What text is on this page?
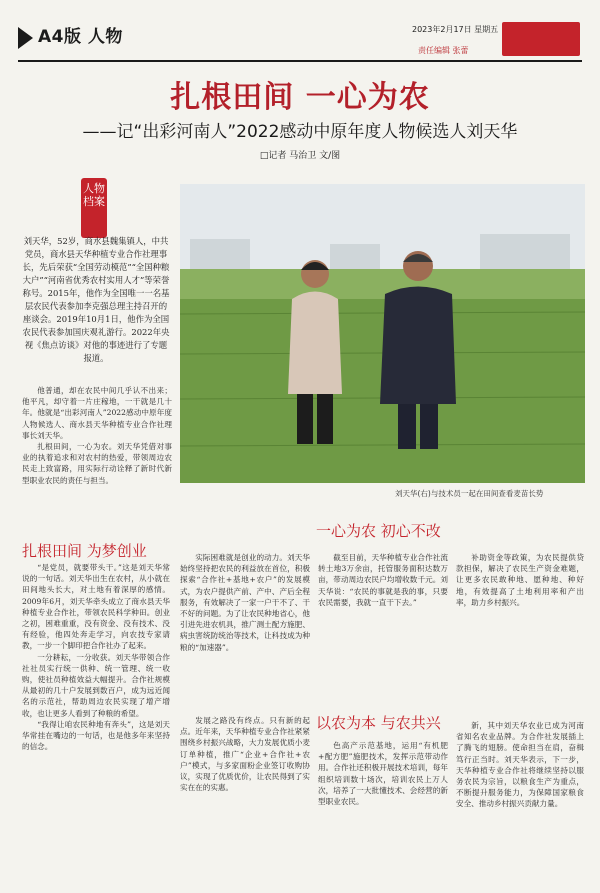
A4版 人物	2023年2月17日 星期五
责任编辑 张蕾
扎根田间 一心为农
——记“出彩河南人”2022感动中原年度人物候选人刘天华
□记者 马治卫 文/图
人物档案
刘天华，52岁，商水县魏集镇人，中共党员，商水县天华种植专业合作社理事长，先后荣获“全国劳动模范”“全国种粮大户”“河南省优秀农村实用人才”等荣誉称号。2015年，他作为全国唯一一名基层农民代表参加李克强总理主持召开的座谈会。2019年10月1日，他作为全国农民代表参加国庆观礼游行。2022年央视《焦点访谈》对他的事迹进行了专题报道。

他普通，却在农民中间几乎认不出来；他平凡，却守着一片庄稼地，一干就是几十年。他就是“出彩河南人”2022感动中原年度人物候选人、商水县天华种植专业合作社理事长刘天华。

扎根田间，一心为农。刘天华凭借对事业的执着追求和对农村的热爱，带领周边农民走上致富路，用实际行动诠释了新时代新型职业农民的责任与担当。

扎根田间 为梦创业

“是党员，就要带头干。”这是刘天华常说的一句话。刘天华出生在农村，从小就在田间地头长大，对土地有着深厚的感情。2009年6月，刘天华牵头成立了商水县天华种植专业合作社，带领农民科学种田。创业之初，困难重重，没有资金、没有技术、没有经验，他四处奔走学习，向农技专家请教，一步一个脚印把合作社办了起来。

一分耕耘，一分收获。刘天华带领合作社社员实行统一供种、统一管理、统一收购，使社员种植效益大幅提升。合作社规模从最初的几十户发展到数百户，成为远近闻名的示范社，帮助周边农民实现了增产增收，也让更多人看到了种粮的希望。

“我得让咱农民种地有奔头”，这是刘天华常挂在嘴边的一句话，也是他多年来坚持的信念。

刘天华(右)与技术员一起在田间查看麦苗长势
一心为农 初心不改

实际困难就是创业的动力。刘天华始终坚持把农民的利益放在首位，积极探索“合作社+基地+农户”的发展模式，为农户提供产前、产中、产后全程服务，有效解决了一家一户干不了、干不好的问题。为了让农民种地省心，他引进先进农机具，推广测土配方施肥、病虫害统防统治等技术，让科技成为种粮的“加速器”。

截至目前，天华种植专业合作社流转土地3万余亩，托管服务面积达数万亩，带动周边农民户均增收数千元。刘天华说：“农民的事就是我的事，只要农民需要，我就一直干下去。”

补助资金等政策，为农民提供贷款担保，解决了农民生产资金难题，让更多农民敢种地、愿种地、种好地，有效提高了土地利用率和产出率，助力乡村振兴。

以农为本 与农共兴

发展之路没有终点。只有新的起点。近年来，天华种植专业合作社紧紧围绕乡村振兴战略，大力发展优质小麦订单种植，推广“企业+合作社+农户”模式，与多家面粉企业签订收购协议，实现了优质优价，让农民得到了实实在在的实惠。

色高产示范基地，运用“有机肥+配方肥”施肥技术，发挥示范带动作用。合作社还积极开展技术培训，每年组织培训数十场次，培训农民上万人次，培养了一大批懂技术、会经营的新型职业农民。

新，其中刘天华农业已成为河南省知名农业品牌。为合作社发展插上了腾飞的翅膀。使命担当在肩，奋楫笃行正当时。刘天华表示，下一步，天华种植专业合作社将继续坚持以服务农民为宗旨，以粮食生产为重点，不断提升服务能力，为保障国家粮食安全、推动乡村振兴贡献力量。
